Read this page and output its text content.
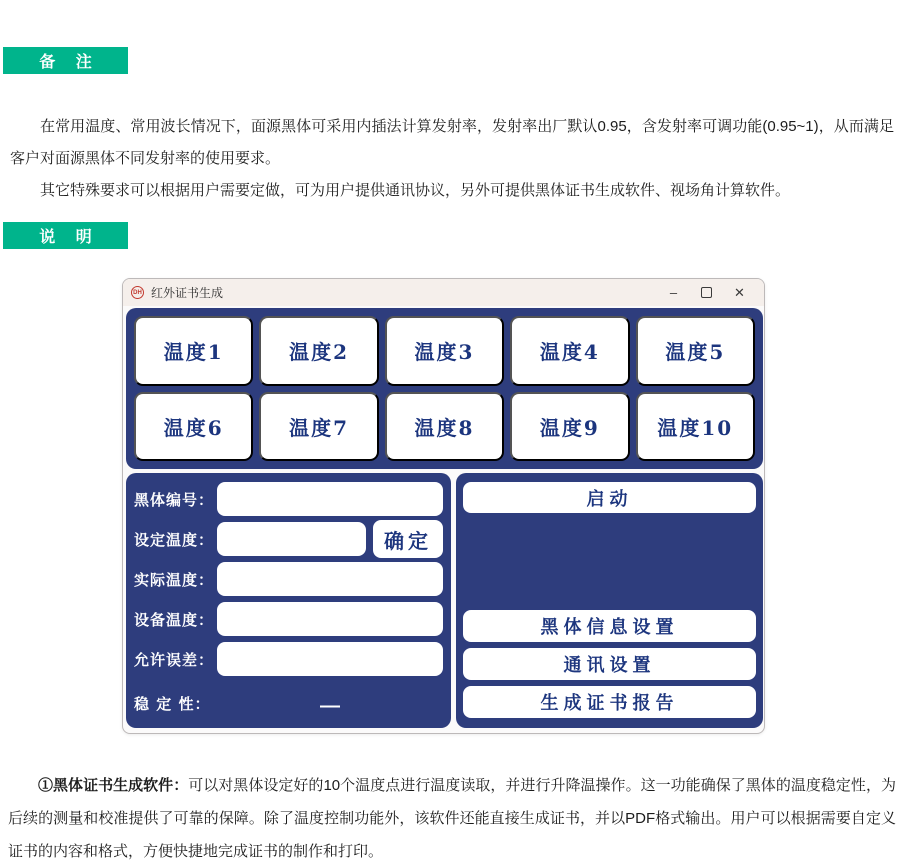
备 注

在常用温度、常用波长情况下，面源黑体可采用内插法计算发射率，发射率出厂默认0.95，含发射率可调功能(0.95~1)，从而满足客户对面源黑体不同发射率的使用要求。

其它特殊要求可以根据用户需要定做，可为用户提供通讯协议，另外可提供黑体证书生成软件、视场角计算软件。

说 明
DH 红外证书生成	–	✕
温度1	温度2	温度3	温度4	温度5
温度6	温度7	温度8	温度9	温度10
黑体编号：
设定温度：	确定
实际温度：
设备温度：
允许误差：
稳 定 性：	—
启动
黑体信息设置
通讯设置
生成证书报告

①黑体证书生成软件：可以对黑体设定好的10个温度点进行温度读取，并进行升降温操作。这一功能确保了黑体的温度稳定性，为后续的测量和校准提供了可靠的保障。除了温度控制功能外，该软件还能直接生成证书，并以PDF格式输出。用户可以根据需要自定义证书的内容和格式，方便快捷地完成证书的制作和打印。
